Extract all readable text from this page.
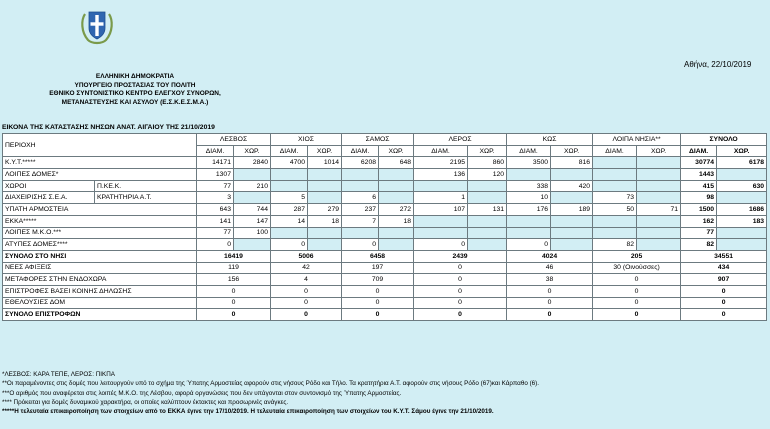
Αθήνα, 22/10/2019
ΕΛΛΗΝΙΚΗ ΔΗΜΟΚΡΑΤΙΑ
ΥΠΟΥΡΓΕΙΟ ΠΡΟΣΤΑΣΙΑΣ ΤΟΥ ΠΟΛΙΤΗ
ΕΘΝΙΚΟ ΣΥΝΤΟΝΙΣΤΙΚΟ ΚΕΝΤΡΟ ΕΛΕΓΧΟΥ ΣΥΝΟΡΩΝ,
ΜΕΤΑΝΑΣΤΕΥΣΗΣ ΚΑΙ ΑΣΥΛΟΥ (Ε.Σ.Κ.Ε.Σ.Μ.Α.)
ΕΙΚΟΝΑ ΤΗΣ ΚΑΤΑΣΤΑΣΗΣ ΝΗΣΩΝ ΑΝΑΤ. ΑΙΓΑΙΟΥ ΤΗΣ 21/10/2019
ΠΕΡΙΟΧΗ		ΛΕΣΒΟΣ		ΧΙΟΣ		ΣΑΜΟΣ		ΛΕΡΟΣ		ΚΩΣ		ΛΟΙΠΑ ΝΗΣΙΑ**		ΣΥΝΟΛΟ	
		ΔΙΑΜ.	ΧΩΡ.	ΔΙΑΜ.	ΧΩΡ.	ΔΙΑΜ.	ΧΩΡ.	ΔΙΑΜ.	ΧΩΡ.	ΔΙΑΜ.	ΧΩΡ.	ΔΙΑΜ.	ΧΩΡ.	ΔΙΑΜ.	ΧΩΡ.
Κ.Υ.Τ.*****		14171	2840	4700	1014	6208	648	2195	860	3500	816			30774	6178
ΛΟΙΠΕΣ ΔΟΜΕΣ*		1307						136	120					1443	
ΧΩΡΟΙ	Π.ΚΕ.Κ.	77	210							338	420			415	630
ΔΙΑΧΕΙΡΙΣΗΣ Σ.Ε.Α.	ΚΡΑΤΗΤΗΡΙΑ Α.Τ.	3		5		6		1		10		73		98	
ΥΠΑΤΗ ΑΡΜΟΣΤΕΙΑ		643	744	287	279	237	272	107	131	176	189	50	71	1500	1686
ΕΚΚΑ*****		141	147	14	18	7	18							162	183
ΛΟΙΠΕΣ Μ.Κ.Ο.***		77	100											77	
ΑΤΥΠΕΣ ΔΟΜΕΣ****		0		0		0		0		0		82		82	
ΣΥΝΟΛΟ ΣΤΟ ΝΗΣΙ		16419		5006		6458		2439		4024		205		34551	
ΝΕΕΣ ΑΦΙΞΕΙΣ		119		42		197		0		46		30 (Οινούσσες)		434	
ΜΕΤΑΦΟΡΕΣ ΣΤΗΝ ΕΝΔΟΧΩΡΑ		156		4		709		0		38		0		907	
ΕΠΙΣΤΡΟΦΕΣ ΒΑΣΕΙ ΚΟΙΝΗΣ ΔΗΛΩΣΗΣ		0		0		0		0		0		0		0	
ΕΘΕΛΟΥΣΙΕΣ ΔΟΜ		0		0		0		0		0		0		0	
ΣΥΝΟΛΟ ΕΠΙΣΤΡΟΦΩΝ		0		0		0		0		0		0		0	
*ΛΕΣΒΟΣ: ΚΑΡΑ ΤΕΠΕ, ΛΕΡΟΣ: ΠΙΚΠΑ
**Οι παραμένοντες στις δομές που λειτουργούν υπό το σχήμα της Ύπατης Αρμοστείας αφορούν στις νήσους Ρόδο και Τήλο. Τα κρατητήρια Α.Τ. αφορούν στις νήσους Ρόδο (67)και Κάρπαθο (6).
***Ο αριθμός που αναφέρεται στις λοιπές Μ.Κ.Ο. της Λέσβου, αφορά οργανώσεις που δεν υπάγονται στον συντονισμό της Ύπατης Αρμοστείας.
**** Πρόκειται για δομές δυναμικού χαρακτήρα, οι οποίες καλύπτουν έκτακτες και προσωρινές ανάγκες.
*****Η τελευταία επικαιροποίηση των στοιχείων από το ΕΚΚΑ έγινε την 17/10/2019. Η τελευταία επικαιροποίηση των στοιχείων του Κ.Υ.Τ. Σάμου έγινε την 21/10/2019.
